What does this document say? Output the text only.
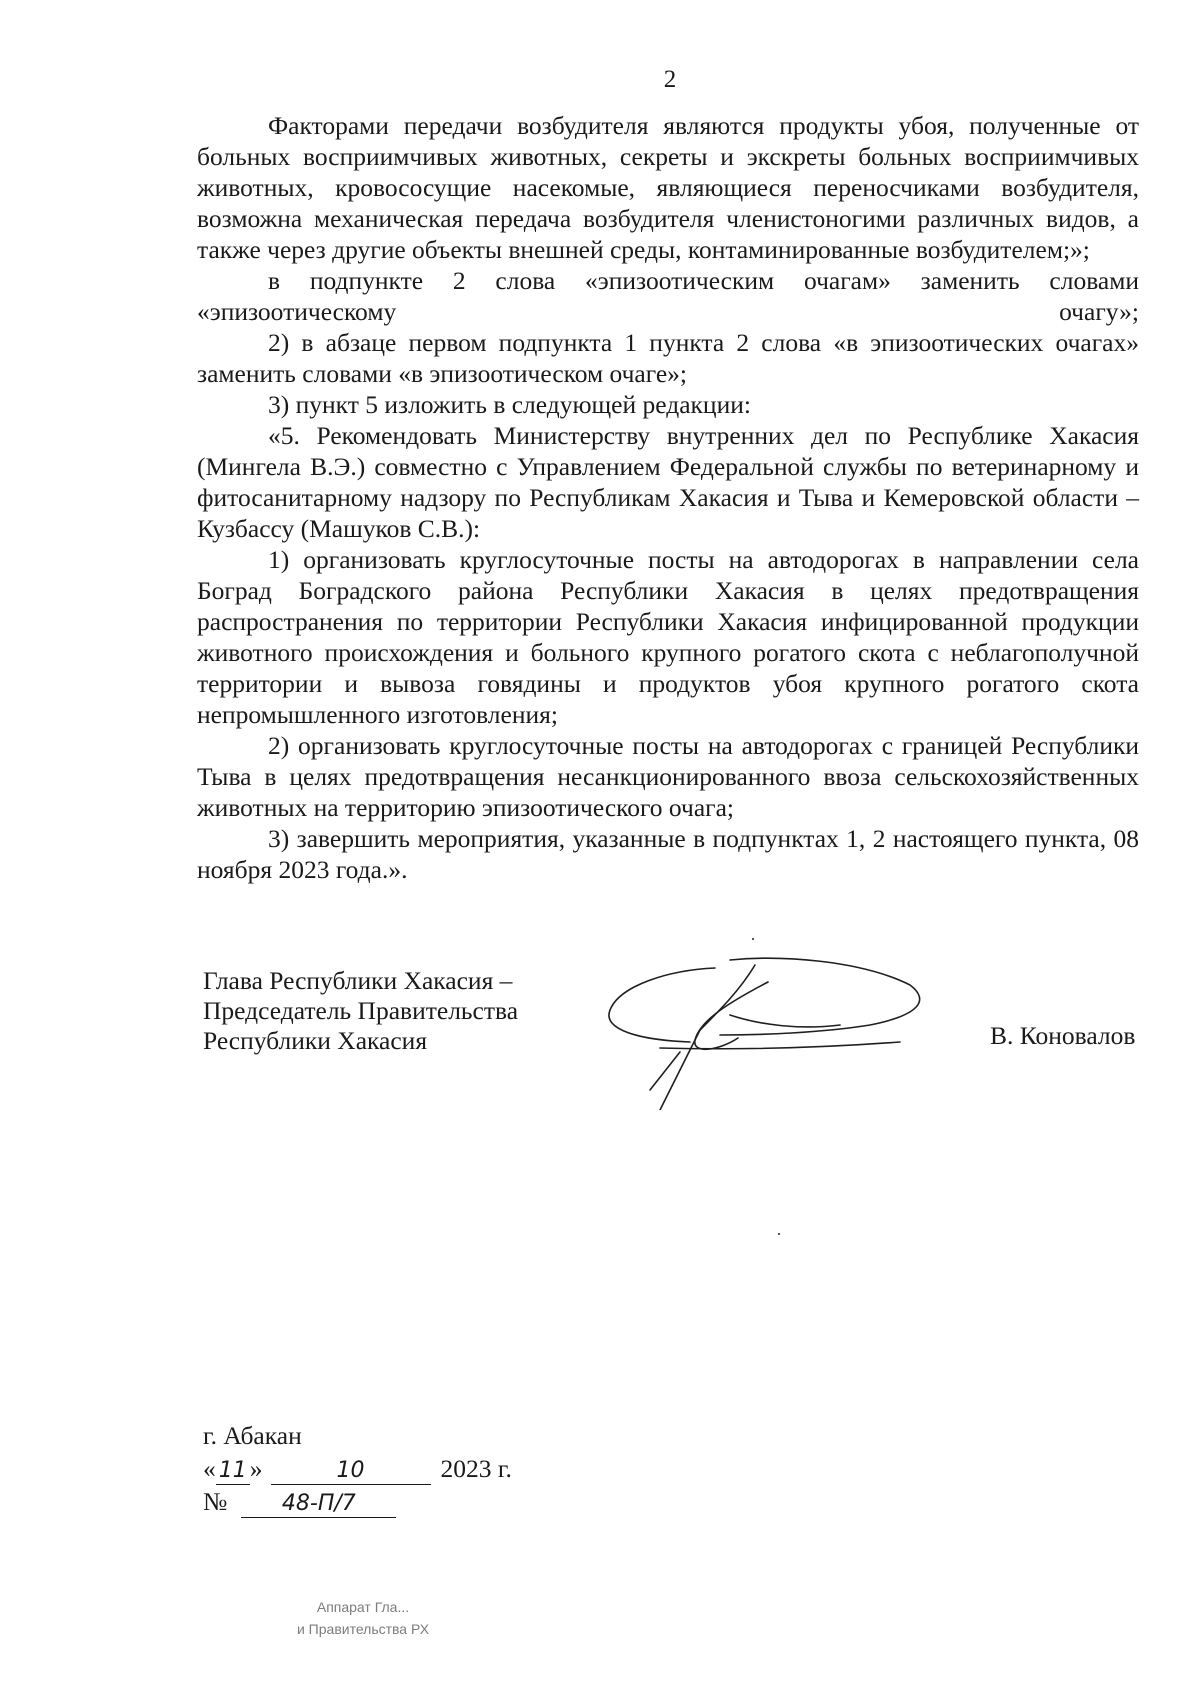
2

Факторами передачи возбудителя являются продукты убоя, полученные от больных восприимчивых животных, секреты и экскреты больных восприимчивых животных, кровососущие насекомые, являющиеся переносчиками возбудителя, возможна механическая передача возбудителя членистоногими различных видов, а также через другие объекты внешней среды, контаминированные возбудителем;»;

в подпункте 2 слова «эпизоотическим очагам» заменить словами «эпизоотическому очагу»;

2) в абзаце первом подпункта 1 пункта 2 слова «в эпизоотических очагах» заменить словами «в эпизоотическом очаге»;

3) пункт 5 изложить в следующей редакции:

«5. Рекомендовать Министерству внутренних дел по Республике Хакасия (Мингела В.Э.) совместно с Управлением Федеральной службы по ветеринарному и фитосанитарному надзору по Республикам Хакасия и Тыва и Кемеровской области – Кузбассу (Машуков С.В.):

1) организовать круглосуточные посты на автодорогах в направлении села Боград Боградского района Республики Хакасия в целях предотвращения распространения по территории Республики Хакасия инфицированной продукции животного происхождения и больного крупного рогатого скота с неблагополучной территории и вывоза говядины и продуктов убоя крупного рогатого скота непромышленного изготовления;

2) организовать круглосуточные посты на автодорогах с границей Республики Тыва в целях предотвращения несанкционированного ввоза сельскохозяйственных животных на территорию эпизоотического очага;

3) завершить мероприятия, указанные в подпунктах 1, 2 настоящего пункта, 08 ноября 2023 года.».

Глава Республики Хакасия –
Председатель Правительства
Республики Хакасия	В. Коновалов
г. Абакан
« 11 »	10	2023 г.
№	48-П/7
Аппарат Гла...
и Правительства РХ
